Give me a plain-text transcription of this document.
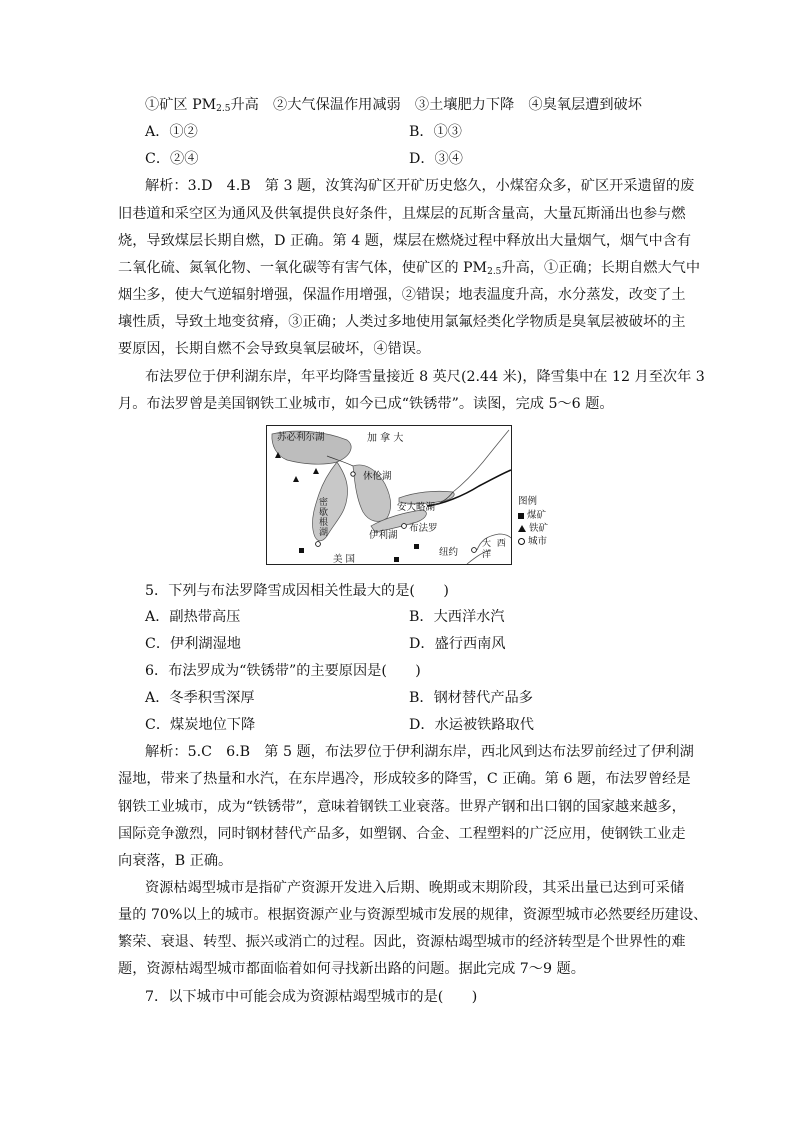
①矿区 $PM_{2.5}$升高　②大气保温作用减弱　③土壤肥力下降　④臭氧层遭到破坏
A．①②	B．①③
C．②④	D．③④
解析：3.D　4.B　第 3 题，汝箕沟矿区开矿历史悠久，小煤窑众多，矿区开采遗留的废
旧巷道和采空区为通风及供氧提供良好条件，且煤层的瓦斯含量高，大量瓦斯涌出也参与燃
烧，导致煤层长期自燃，D 正确。第 4 题，煤层在燃烧过程中释放出大量烟气，烟气中含有
二氧化硫、氮氧化物、一氧化碳等有害气体，使矿区的 $PM_{2.5}$升高，①正确；长期自燃大气中
烟尘多，使大气逆辐射增强，保温作用增强，②错误；地表温度升高，水分蒸发，改变了土
壤性质，导致土地变贫瘠，③正确；人类过多地使用氯氟烃类化学物质是臭氧层被破坏的主
要原因，长期自燃不会导致臭氧层破坏，④错误。
布法罗位于伊利湖东岸，年平均降雪量接近 8 英尺(2.44 米)，降雪集中在 12 月至次年 3
月。布法罗曾是美国钢铁工业城市，如今已成“铁锈带”。读图，完成 5～6 题。
苏必利尔湖	加 拿 大
休伦湖
密
歇
根
湖
安大略湖
布法罗
伊利湖
美 国
纽约
大  西
洋
图例
煤矿
铁矿
城市
5．下列与布法罗降雪成因相关性最大的是(　　)
A．副热带高压	B．大西洋水汽
C．伊利湖湿地	D．盛行西南风
6．布法罗成为“铁锈带”的主要原因是(　　)
A．冬季积雪深厚	B．钢材替代产品多
C．煤炭地位下降	D．水运被铁路取代
解析：5.C　6.B　第 5 题，布法罗位于伊利湖东岸，西北风到达布法罗前经过了伊利湖
湿地，带来了热量和水汽，在东岸遇冷，形成较多的降雪，C 正确。第 6 题，布法罗曾经是
钢铁工业城市，成为“铁锈带”，意味着钢铁工业衰落。世界产钢和出口钢的国家越来越多，
国际竞争激烈，同时钢材替代产品多，如塑钢、合金、工程塑料的广泛应用，使钢铁工业走
向衰落，B 正确。
资源枯竭型城市是指矿产资源开发进入后期、晚期或末期阶段，其采出量已达到可采储
量的 70%以上的城市。根据资源产业与资源型城市发展的规律，资源型城市必然要经历建设、
繁荣、衰退、转型、振兴或消亡的过程。因此，资源枯竭型城市的经济转型是个世界性的难
题，资源枯竭型城市都面临着如何寻找新出路的问题。据此完成 7～9 题。
7．以下城市中可能会成为资源枯竭型城市的是(　　)
